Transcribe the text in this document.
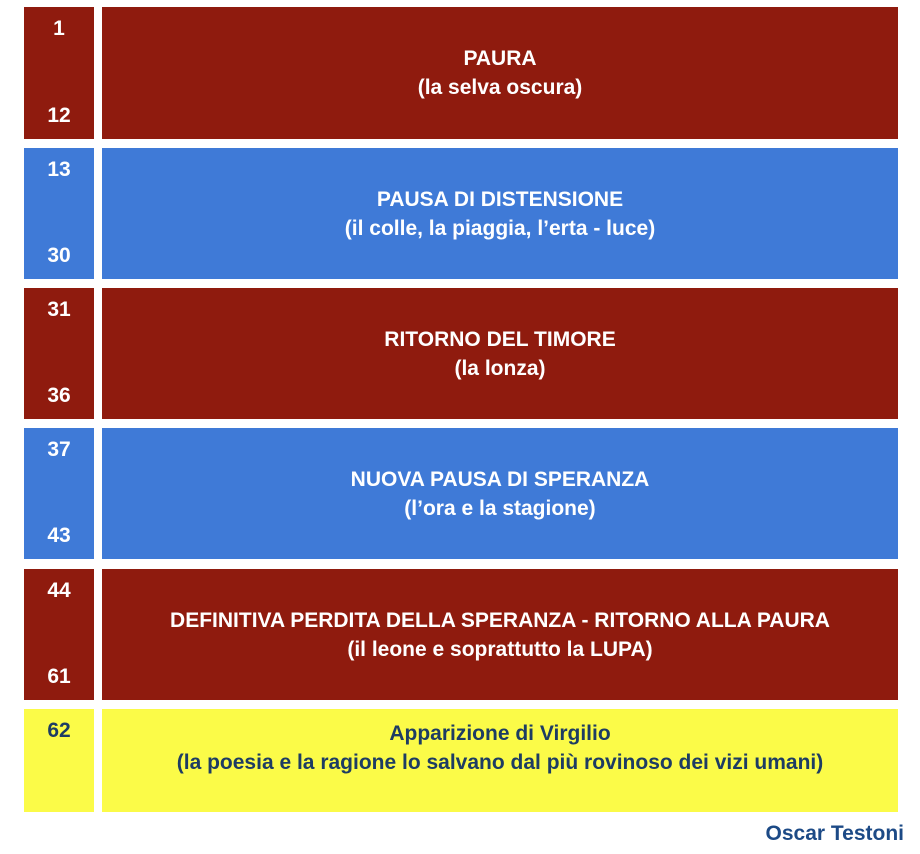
1
12
PAURA
(la selva oscura)
13
30
PAUSA DI DISTENSIONE
(il colle, la piaggia, l’erta - luce)
31
36
RITORNO DEL TIMORE
(la lonza)
37
43
NUOVA PAUSA DI SPERANZA
(l’ora e la stagione)
44
61
DEFINITIVA PERDITA DELLA SPERANZA - RITORNO ALLA PAURA
(il leone e soprattutto la LUPA)
62	Apparizione di Virgilio
(la poesia e la ragione lo salvano dal più rovinoso dei vizi umani)
Oscar Testoni
